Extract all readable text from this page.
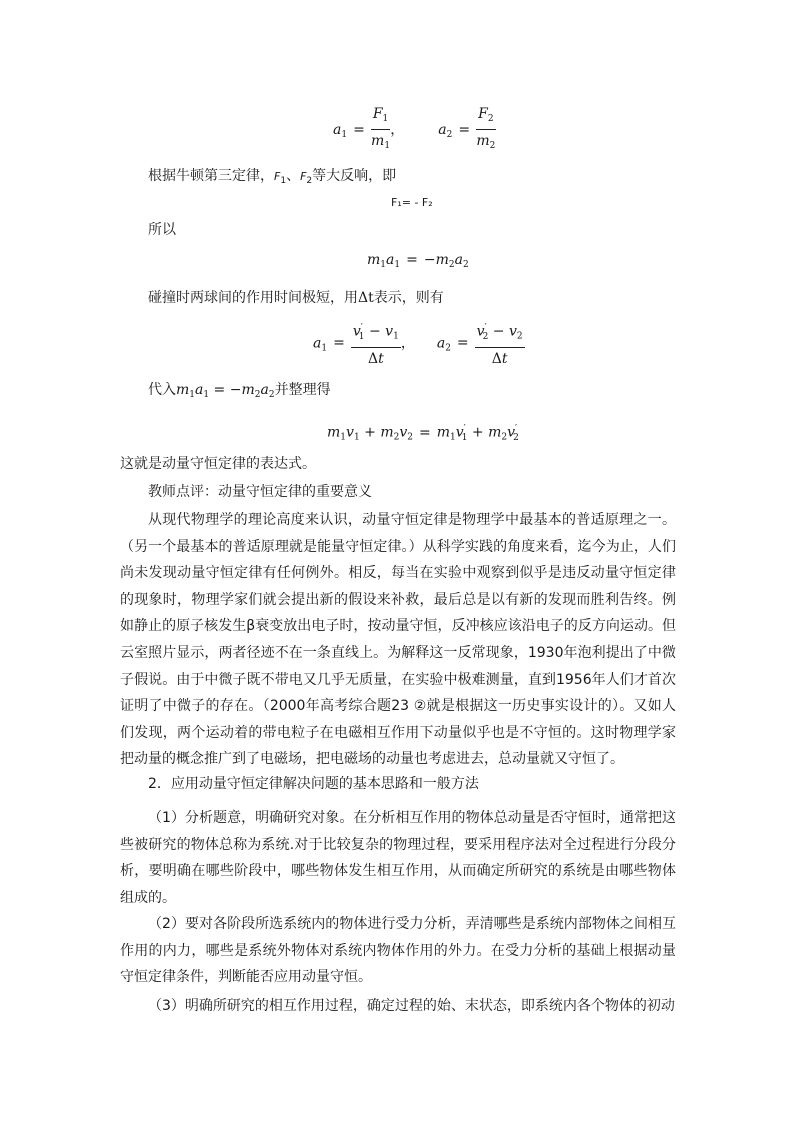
$a_1 = \frac{F_1}{m_1}$ ， $a_2 = \frac{F_2}{m_2}$
根据牛顿第三定律，$F_1$、$F_2$等大反响，即
F₁= - F₂
所以
$m_1a_1 = -m_2a_2$
碰撞时两球间的作用时间极短，用Δt表示，则有
$a_1 = \frac{v'_1 - v_1}{\Delta t}$ ， $a_2 = \frac{v'_2 - v_2}{\Delta t}$
代入$m_1a_1 = -m_2a_2$并整理得
$m_1v_1 + m_2v_2 = m_1v'_1 + m_2v'_2$
这就是动量守恒定律的表达式。
教师点评：动量守恒定律的重要意义
从现代物理学的理论高度来认识，动量守恒定律是物理学中最基本的普适原理之一。（另一个最基本的普适原理就是能量守恒定律。）从科学实践的角度来看，迄今为止，人们尚未发现动量守恒定律有任何例外。相反，每当在实验中观察到似乎是违反动量守恒定律的现象时，物理学家们就会提出新的假设来补救，最后总是以有新的发现而胜利告终。例如静止的原子核发生β衰变放出电子时，按动量守恒，反冲核应该沿电子的反方向运动。但云室照片显示，两者径迹不在一条直线上。为解释这一反常现象，1930年泡利提出了中微子假说。由于中微子既不带电又几乎无质量，在实验中极难测量，直到1956年人们才首次证明了中微子的存在。（2000年高考综合题23 ②就是根据这一历史事实设计的）。又如人们发现，两个运动着的带电粒子在电磁相互作用下动量似乎也是不守恒的。这时物理学家把动量的概念推广到了电磁场，把电磁场的动量也考虑进去，总动量就又守恒了。
2．应用动量守恒定律解决问题的基本思路和一般方法
（1）分析题意，明确研究对象。在分析相互作用的物体总动量是否守恒时，通常把这些被研究的物体总称为系统.对于比较复杂的物理过程，要采用程序法对全过程进行分段分析，要明确在哪些阶段中，哪些物体发生相互作用，从而确定所研究的系统是由哪些物体组成的。
（2）要对各阶段所选系统内的物体进行受力分析，弄清哪些是系统内部物体之间相互作用的内力，哪些是系统外物体对系统内物体作用的外力。在受力分析的基础上根据动量守恒定律条件，判断能否应用动量守恒。
（3）明确所研究的相互作用过程，确定过程的始、末状态，即系统内各个物体的初动
